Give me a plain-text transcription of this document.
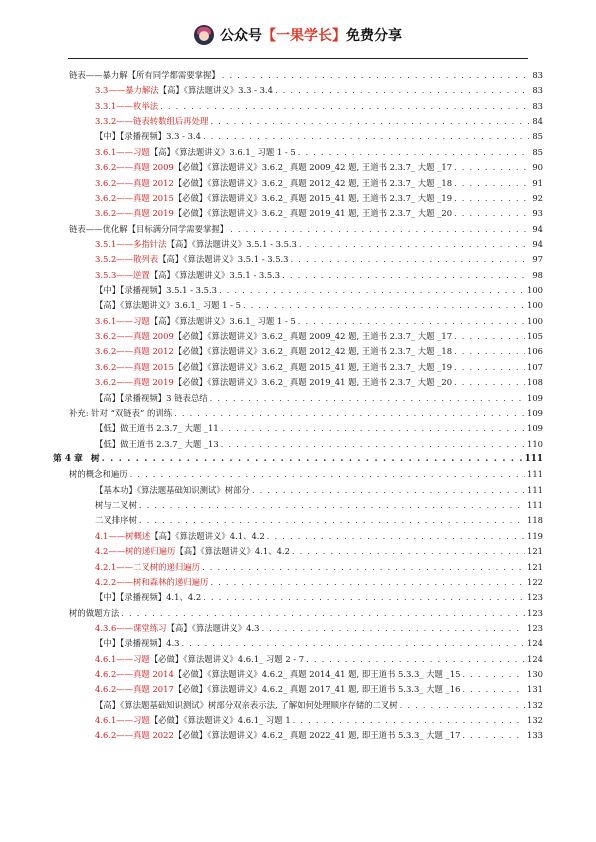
公众号 【一果学长】 免费分享
链表——暴力解【所有同学都需要掌握】 . . .	83
3.3——暴力解法【高】《算法题讲义》3.3 - 3.4 . . .	83
3.3.1——枚举法 . . .	83
3.3.2——链表转数组后再处理 . . .	84
【中】【录播视频】3.3 - 3.4 . . .	85
3.6.1——习题【高】《算法题讲义》3.6.1_ 习题 1 - 5 . . .	85
3.6.2——真题 2009【必做】《算法题讲义》3.6.2_ 真题 2009_42 题, 王道书 2.3.7_ 大题 _17 . . .	90
3.6.2——真题 2012【必做】《算法题讲义》3.6.2_ 真题 2012_42 题, 王道书 2.3.7_ 大题 _18 . . .	91
3.6.2——真题 2015【必做】《算法题讲义》3.6.2_ 真题 2015_41 题, 王道书 2.3.7_ 大题 _19 . . .	92
3.6.2——真题 2019【必做】《算法题讲义》3.6.2_ 真题 2019_41 题, 王道书 2.3.7_ 大题 _20 . . .	93
链表——优化解【目标满分同学需要掌握】 . . .	94
3.5.1——多指针法【高】《算法题讲义》3.5.1 - 3.5.3 . . .	94
3.5.2——散列表【高】《算法题讲义》3.5.1 - 3.5.3 . . .	97
3.5.3——逆置【高】《算法题讲义》3.5.1 - 3.5.3 . . .	98
【中】【录播视频】3.5.1 - 3.5.3 . . .	100
【高】《算法题讲义》3.6.1_ 习题 1 - 5 . . .	100
3.6.1——习题【高】《算法题讲义》3.6.1_ 习题 1 - 5 . . .	100
3.6.2——真题 2009【必做】《算法题讲义》3.6.2_ 真题 2009_42 题, 王道书 2.3.7_ 大题 _17 . . .	105
3.6.2——真题 2012【必做】《算法题讲义》3.6.2_ 真题 2012_42 题, 王道书 2.3.7_ 大题 _18 . . .	106
3.6.2——真题 2015【必做】《算法题讲义》3.6.2_ 真题 2015_41 题, 王道书 2.3.7_ 大题 _19 . . .	107
3.6.2——真题 2019【必做】《算法题讲义》3.6.2_ 真题 2019_41 题, 王道书 2.3.7_ 大题 _20 . . .	108
【高】【录播视频】3 链表总结 . . .	109
补充: 针对 “双链表” 的训练 . . .	109
【低】做王道书 2.3.7_ 大题 _11 . . .	109
【低】做王道书 2.3.7_ 大题 _13 . . .	110
第 4 章 树 . . .	111
树的概念和遍历 . . .	111
【基本功】《算法题基础知识测试》树部分 . . .	111
树与二叉树 . . .	111
二叉排序树 . . .	118
4.1——树概述【高】《算法题讲义》4.1、4.2 . . .	119
4.2——树的递归遍历【高】《算法题讲义》4.1、4.2 . . .	121
4.2.1——二叉树的递归遍历 . . .	121
4.2.2——树和森林的递归遍历 . . .	122
【中】【录播视频】4.1、4.2 . . .	123
树的做题方法 . . .	123
4.3.6——课堂练习【高】《算法题讲义》4.3 . . .	123
【中】【录播视频】4.3 . . .	124
4.6.1——习题【必做】《算法题讲义》4.6.1_ 习题 2 - 7 . . .	124
4.6.2——真题 2014【必做】《算法题讲义》4.6.2_ 真题 2014_41 题, 即王道书 5.3.3_ 大题 _15 . . .	130
4.6.2——真题 2017【必做】《算法题讲义》4.6.2_ 真题 2017_41 题, 即王道书 5.3.3_ 大题 _16 . . .	131
【高】《算法题基础知识测试》树部分双亲表示法, 了解如何处理顺序存储的二叉树 . . .	132
4.6.1——习题【必做】《算法题讲义》4.6.1_ 习题 1 . . .	132
4.6.2——真题 2022【必做】《算法题讲义》4.6.2_ 真题 2022_41 题, 即王道书 5.3.3_ 大题 _17 . . .	133
